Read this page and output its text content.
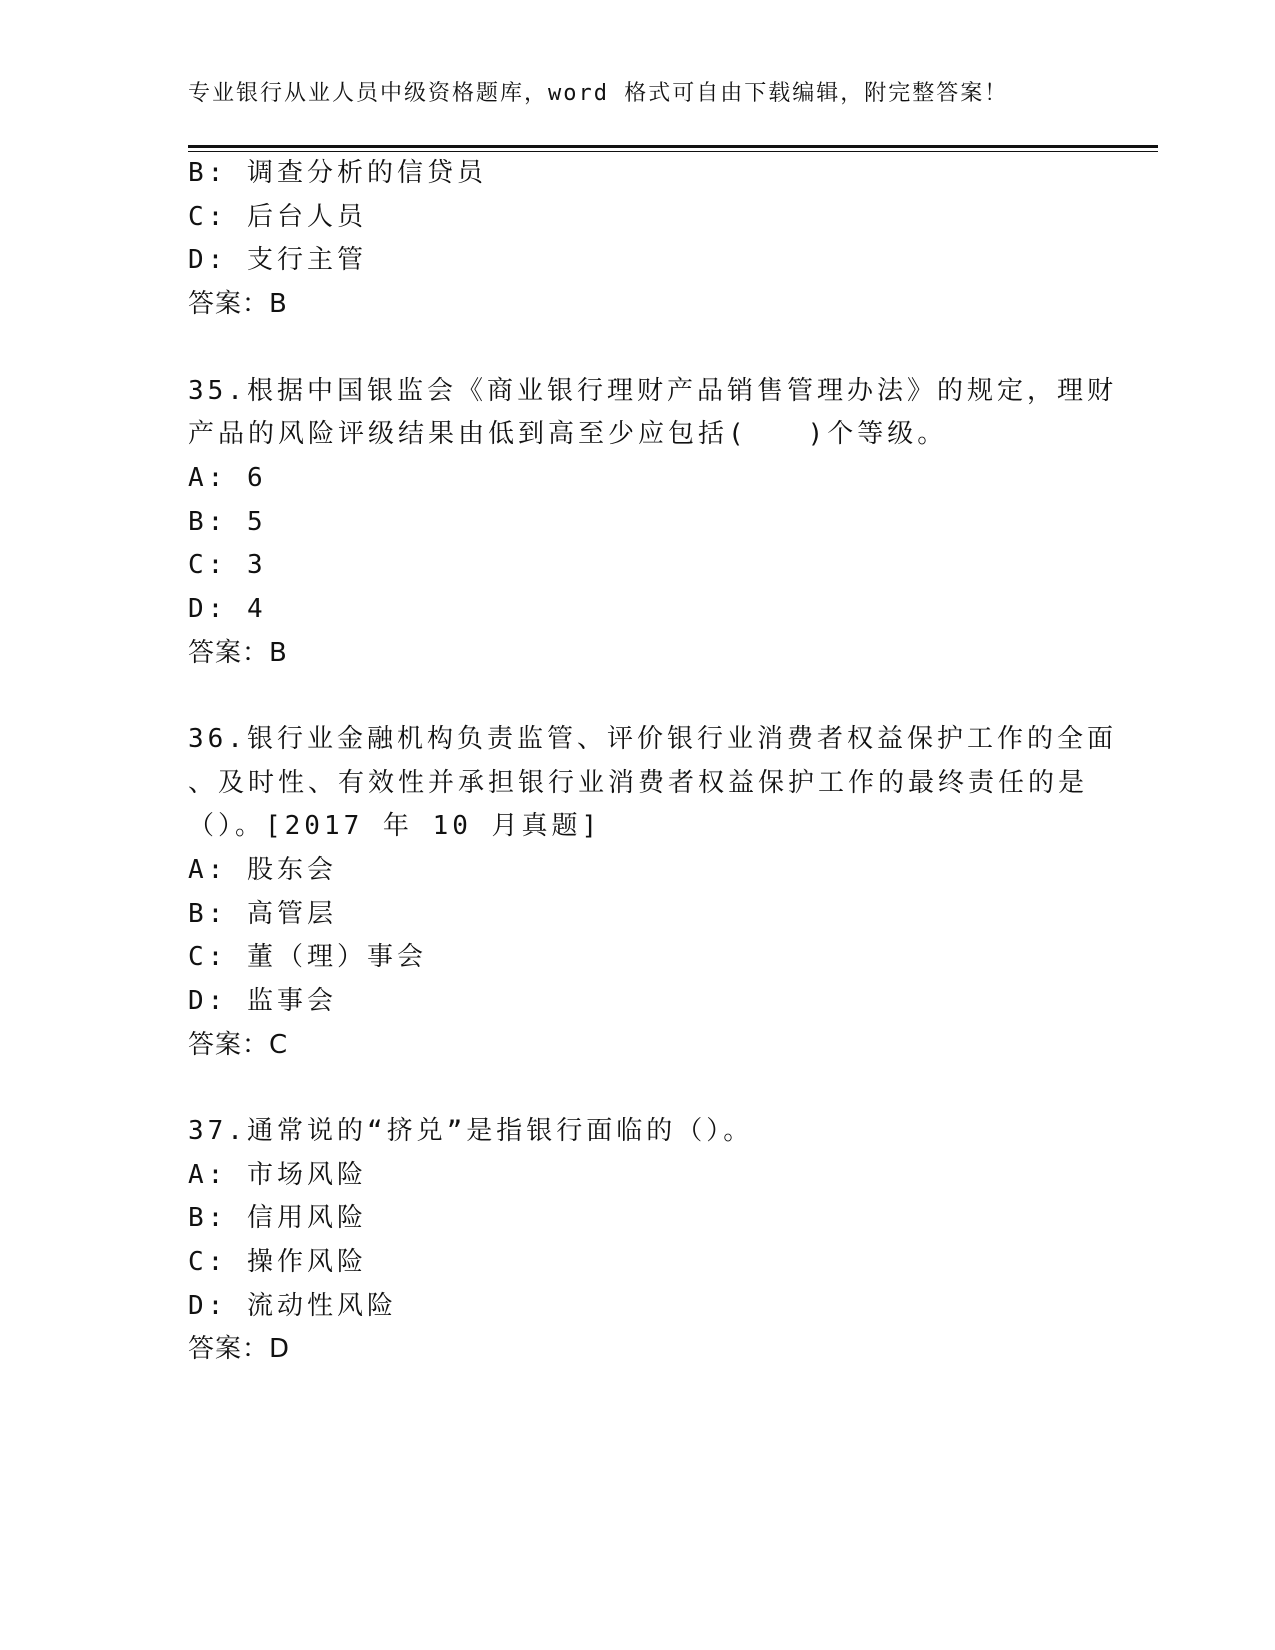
专业银行从业人员中级资格题库，word 格式可自由下载编辑，附完整答案！
B: 调查分析的信贷员
C: 后台人员
D: 支行主管
答案：B
35.根据中国银监会《商业银行理财产品销售管理办法》的规定，理财
产品的风险评级结果由低到高至少应包括(　　)个等级。
A: 6
B: 5
C: 3
D: 4
答案：B
36.银行业金融机构负责监管、评价银行业消费者权益保护工作的全面
、及时性、有效性并承担银行业消费者权益保护工作的最终责任的是
（）。[2017 年 10 月真题]
A: 股东会
B: 高管层
C: 董（理）事会
D: 监事会
答案：C
37.通常说的“挤兑”是指银行面临的（）。
A: 市场风险
B: 信用风险
C: 操作风险
D: 流动性风险
答案：D
